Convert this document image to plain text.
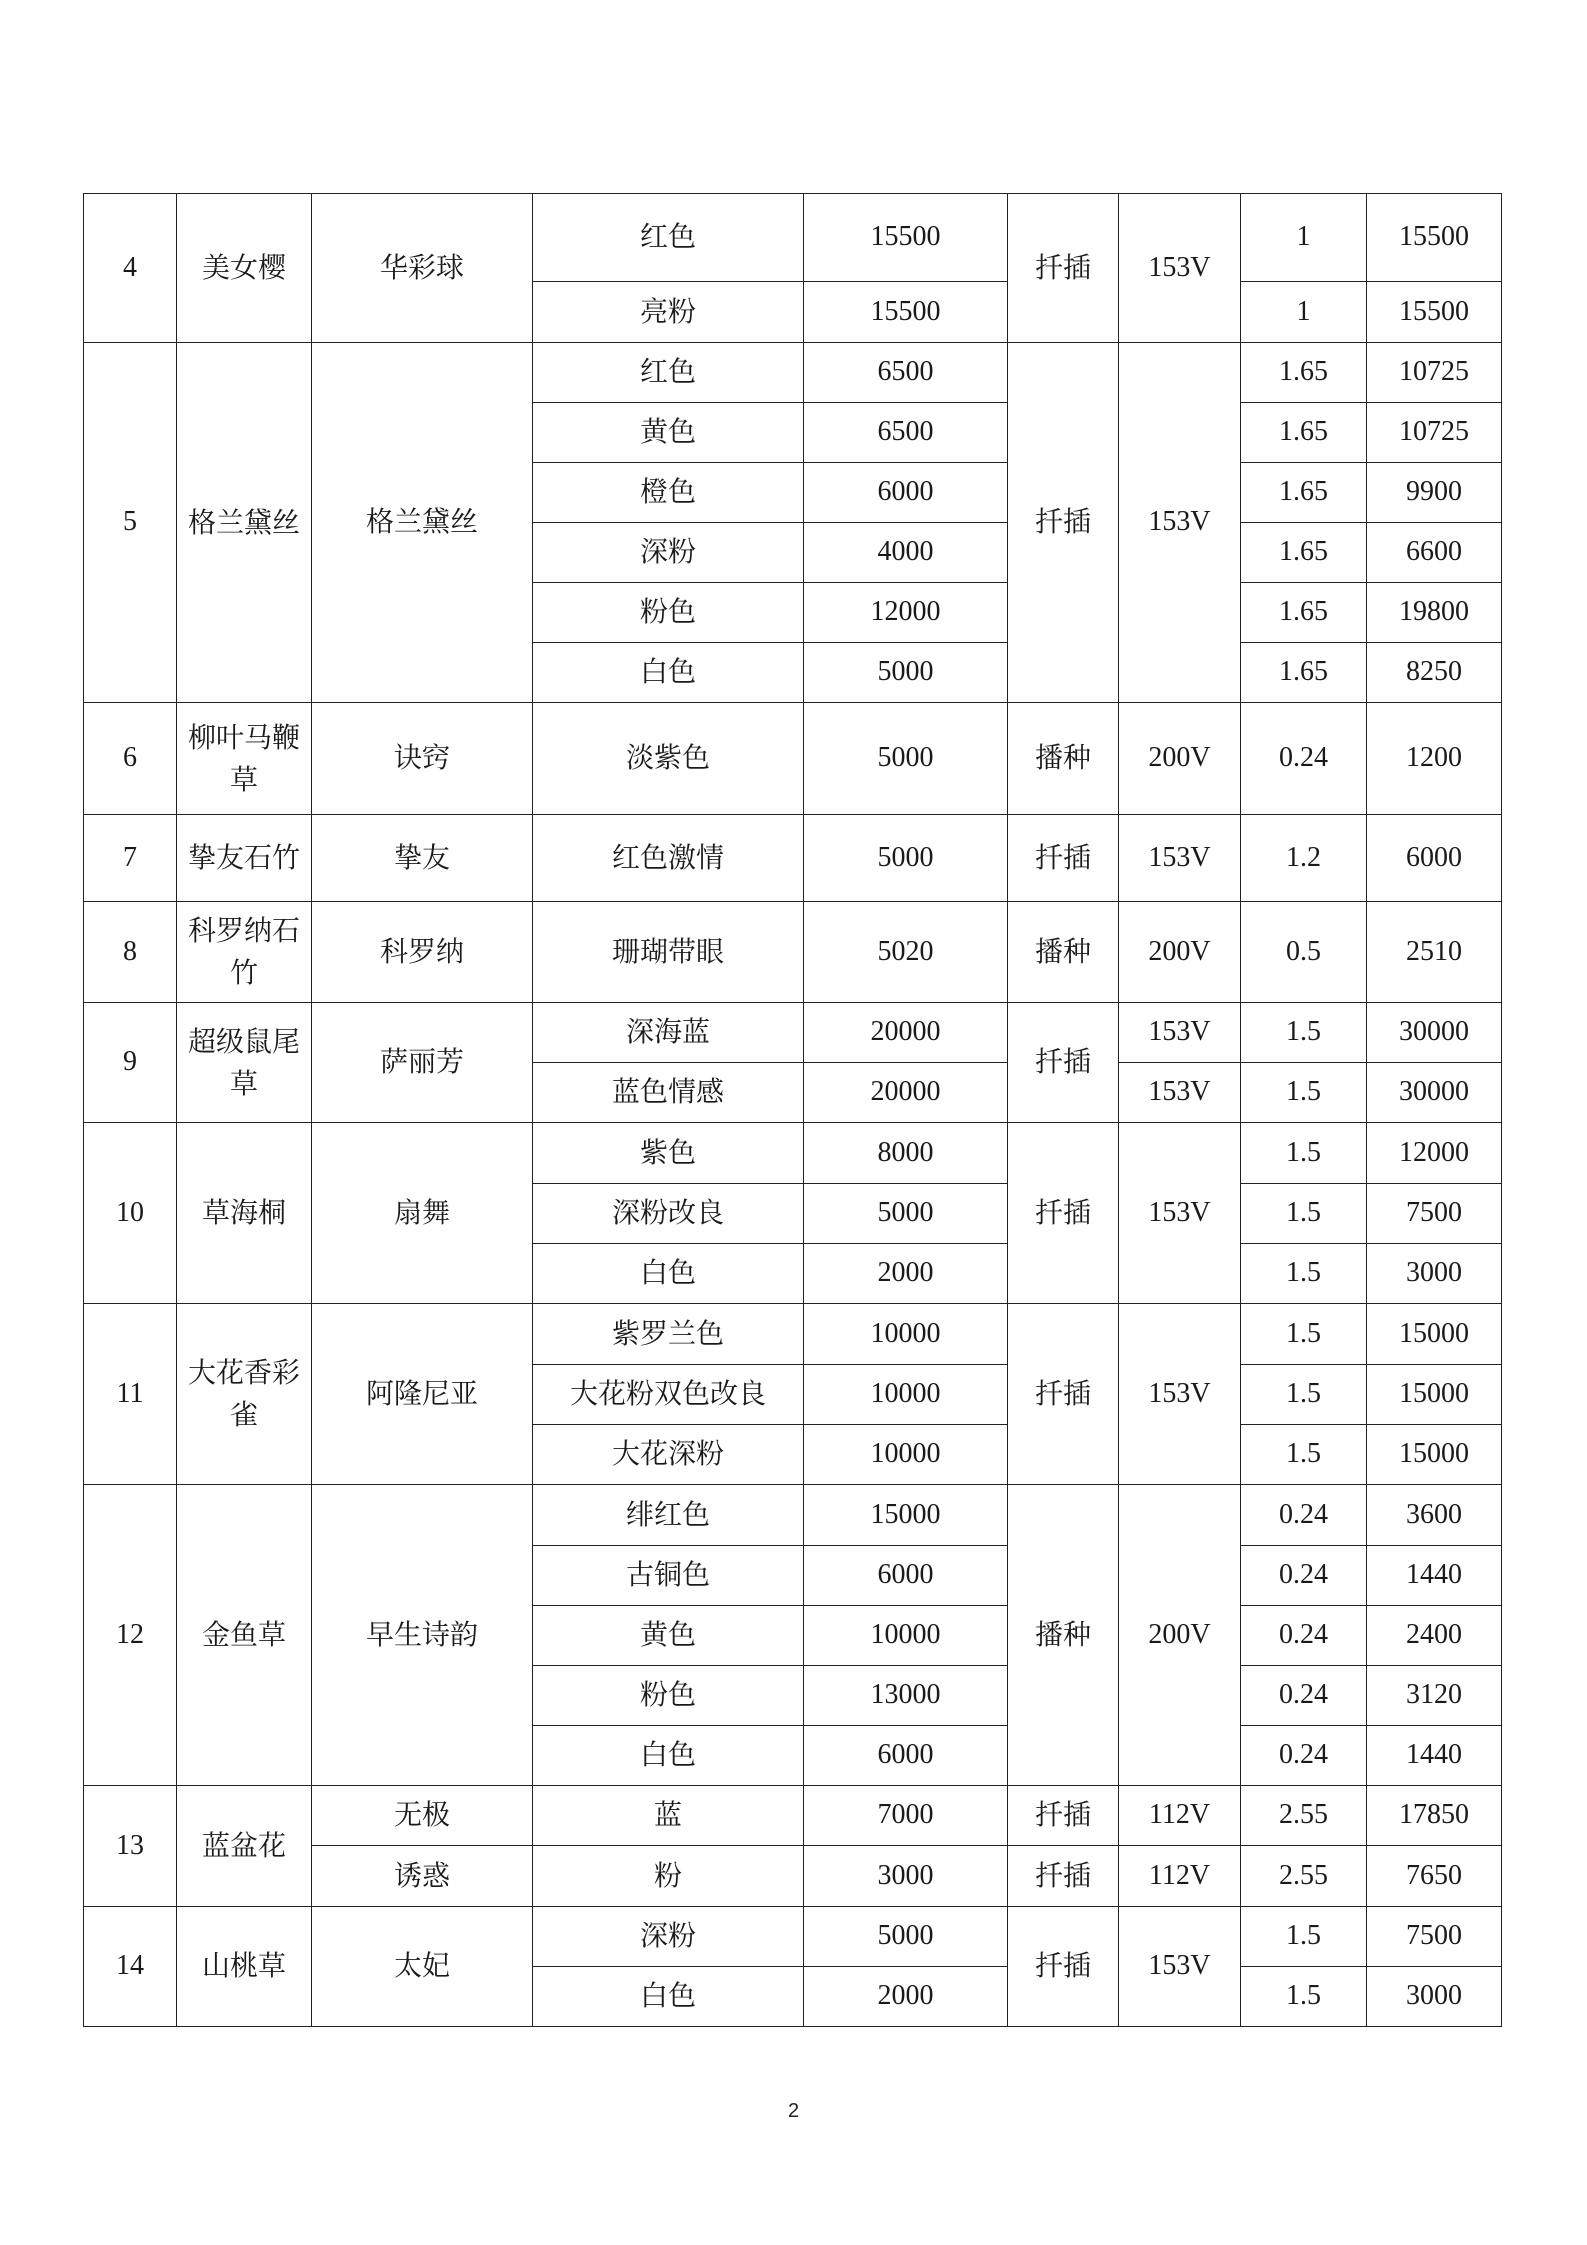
4	美女樱	华彩球	红色	15500	扦插	153V	1	15500
			亮粉	15500			1	15500
5	格兰黛丝	格兰黛丝	红色	6500	扦插	153V	1.65	10725
			黄色	6500			1.65	10725
			橙色	6000			1.65	9900
			深粉	4000			1.65	6600
			粉色	12000			1.65	19800
			白色	5000			1.65	8250
6	柳叶马鞭草	诀窍	淡紫色	5000	播种	200V	0.24	1200
7	挚友石竹	挚友	红色激情	5000	扦插	153V	1.2	6000
8	科罗纳石竹	科罗纳	珊瑚带眼	5020	播种	200V	0.5	2510
9	超级鼠尾草	萨丽芳	深海蓝	20000	扦插	153V	1.5	30000
			蓝色情感	20000		153V	1.5	30000
10	草海桐	扇舞	紫色	8000	扦插	153V	1.5	12000
			深粉改良	5000			1.5	7500
			白色	2000			1.5	3000
11	大花香彩雀	阿隆尼亚	紫罗兰色	10000	扦插	153V	1.5	15000
			大花粉双色改良	10000			1.5	15000
			大花深粉	10000			1.5	15000
12	金鱼草	早生诗韵	绯红色	15000	播种	200V	0.24	3600
			古铜色	6000			0.24	1440
			黄色	10000			0.24	2400
			粉色	13000			0.24	3120
			白色	6000			0.24	1440
13	蓝盆花	无极	蓝	7000	扦插	112V	2.55	17850
		诱惑	粉	3000	扦插	112V	2.55	7650
14	山桃草	太妃	深粉	5000	扦插	153V	1.5	7500
			白色	2000			1.5	3000
2
